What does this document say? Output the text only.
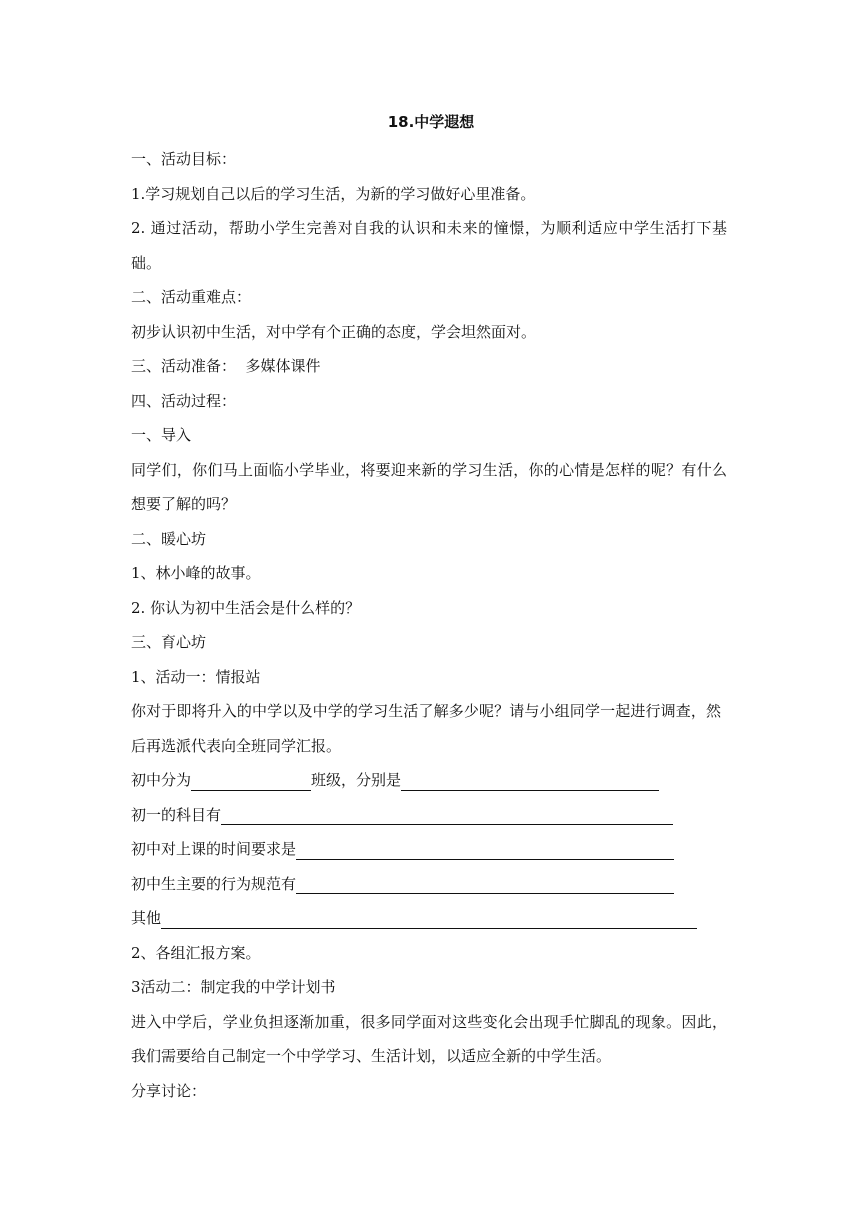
18.中学遐想
一、活动目标：
1.学习规划自己以后的学习生活，为新的学习做好心里准备。
2. 通过活动，帮助小学生完善对自我的认识和未来的憧憬，为顺利适应中学生活打下基础。
二、活动重难点：
初步认识初中生活，对中学有个正确的态度，学会坦然面对。
三、活动准备：  多媒体课件
四、活动过程：
一、导入
同学们，你们马上面临小学毕业，将要迎来新的学习生活，你的心情是怎样的呢？有什么想要了解的吗？
二、暖心坊
1、林小峰的故事。
2. 你认为初中生活会是什么样的？
三、育心坊
1、活动一：情报站
你对于即将升入的中学以及中学的学习生活了解多少呢？请与小组同学一起进行调查，然后再选派代表向全班同学汇报。
初中分为	班级，分别是
初一的科目有
初中对上课的时间要求是
初中生主要的行为规范有
其他
2、各组汇报方案。
3活动二：制定我的中学计划书
进入中学后，学业负担逐渐加重，很多同学面对这些变化会出现手忙脚乱的现象。因此，我们需要给自己制定一个中学学习、生活计划，以适应全新的中学生活。
分享讨论：
